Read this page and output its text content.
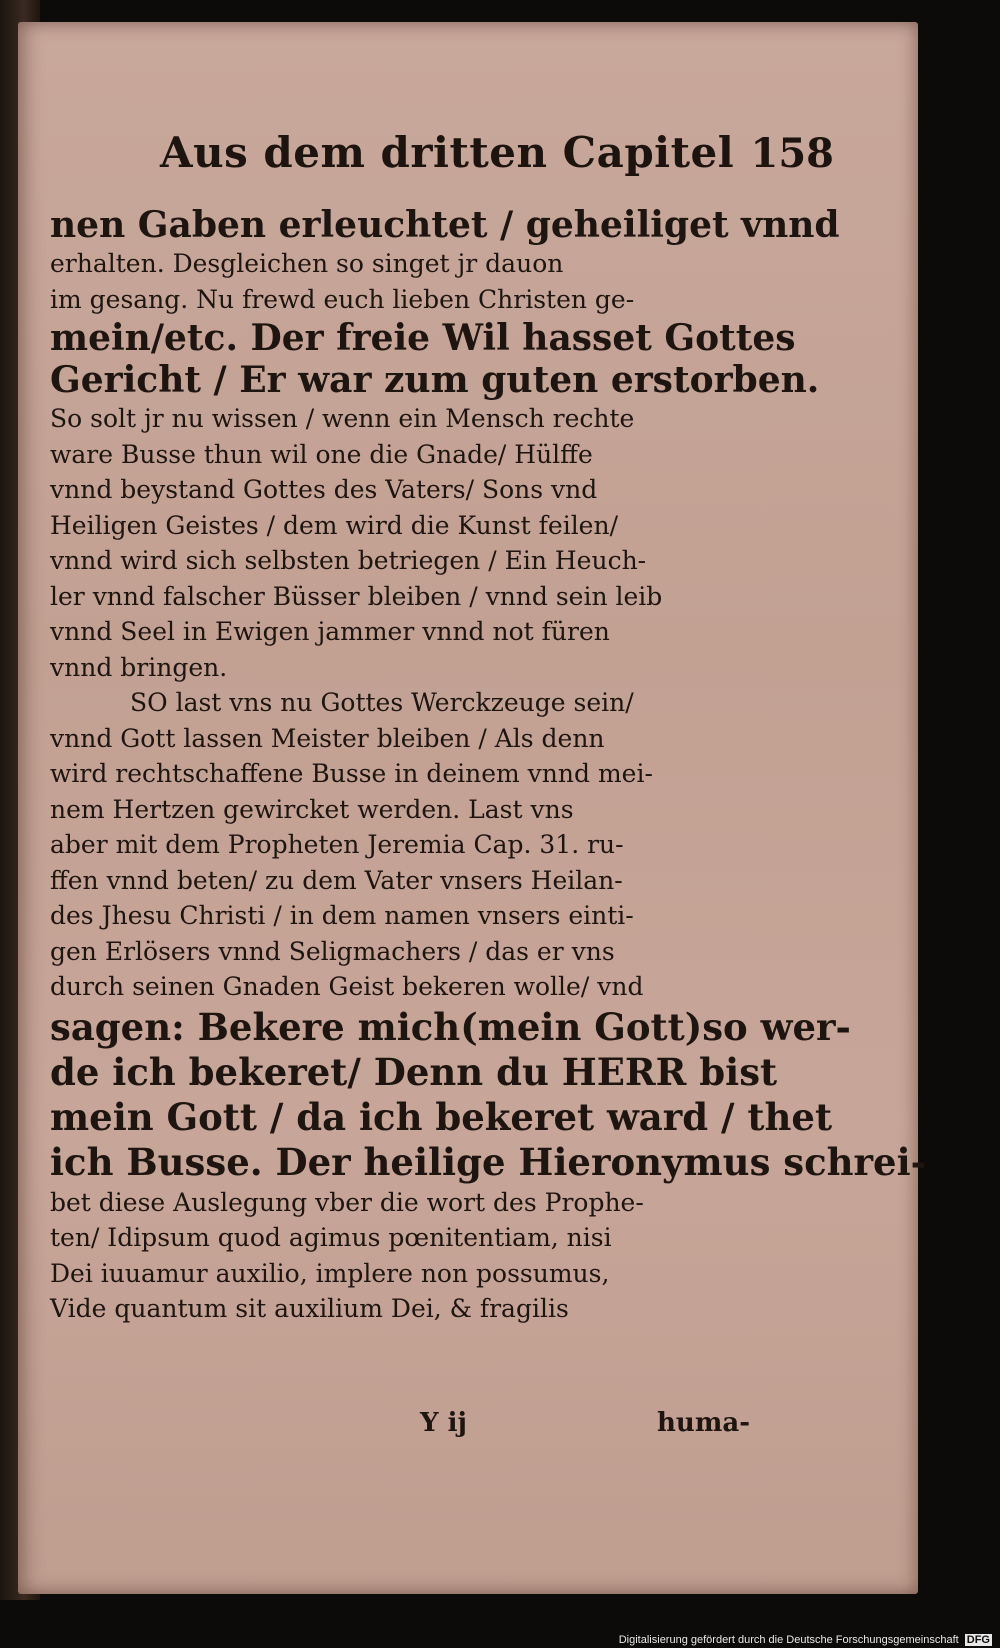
Aus dem dritten Capitel 158
nen Gaben erleuchtet / geheiliget vnnd
erhalten. Desgleichen so singet jr dauon
im gesang. Nu frewd euch lieben Christen ge-
mein/etc. Der freie Wil hasset Gottes
Gericht / Er war zum guten erstorben.
So solt jr nu wissen / wenn ein Mensch rechte
ware Busse thun wil one die Gnade/ Hülffe
vnnd beystand Gottes des Vaters/ Sons vnd
Heiligen Geistes / dem wird die Kunst feilen/
vnnd wird sich selbsten betriegen / Ein Heuch-
ler vnnd falscher Büsser bleiben / vnnd sein leib
vnnd Seel in Ewigen jammer vnnd not füren
vnnd bringen.
SO last vns nu Gottes Werckzeuge sein/
vnnd Gott lassen Meister bleiben / Als denn
wird rechtschaffene Busse in deinem vnnd mei-
nem Hertzen gewircket werden. Last vns
aber mit dem Propheten Jeremia Cap. 31. ru-
ffen vnnd beten/ zu dem Vater vnsers Heilan-
des Jhesu Christi / in dem namen vnsers einti-
gen Erlösers vnnd Seligmachers / das er vns
durch seinen Gnaden Geist bekeren wolle/ vnd
sagen: Bekere mich(mein Gott)so wer-
de ich bekeret/ Denn du HERR bist
mein Gott / da ich bekeret ward / thet
ich Busse. Der heilige Hieronymus schrei-
bet diese Auslegung vber die wort des Prophe-
ten/ Idipsum quod agimus pœnitentiam, nisi
Dei iuuamur auxilio, implere non possumus,
Vide quantum sit auxilium Dei, & fragilis
Y ij	huma-
Digitalisierung gefördert durch die Deutsche Forschungsgemeinschaft DFG
